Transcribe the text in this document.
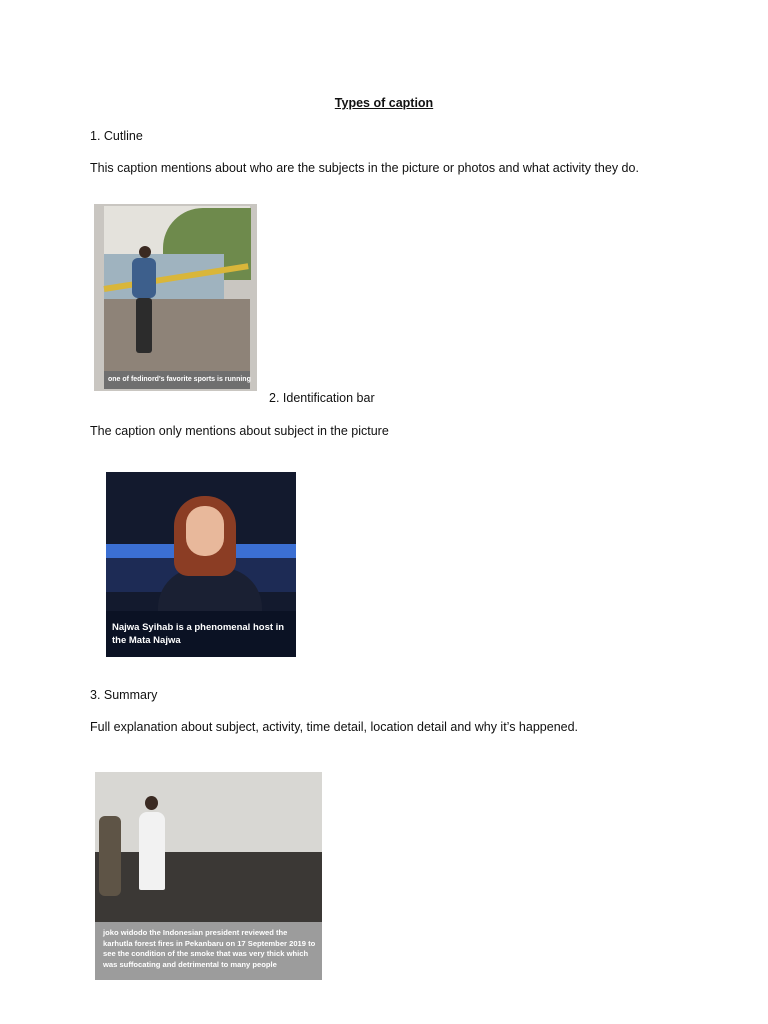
Types of caption
1. Cutline
This caption mentions about who are the subjects in the picture or photos and what activity they do.
one of fedinord's favorite sports is running
2. Identification bar
The caption only mentions about subject in the picture
Najwa Syihab is a phenomenal host in the Mata Najwa
3. Summary
Full explanation about subject, activity, time detail, location detail and why it’s happened.
joko widodo the Indonesian president reviewed the karhutla forest fires in Pekanbaru on 17 September 2019 to see the condition of the smoke that was very thick which was suffocating and detrimental to many people
